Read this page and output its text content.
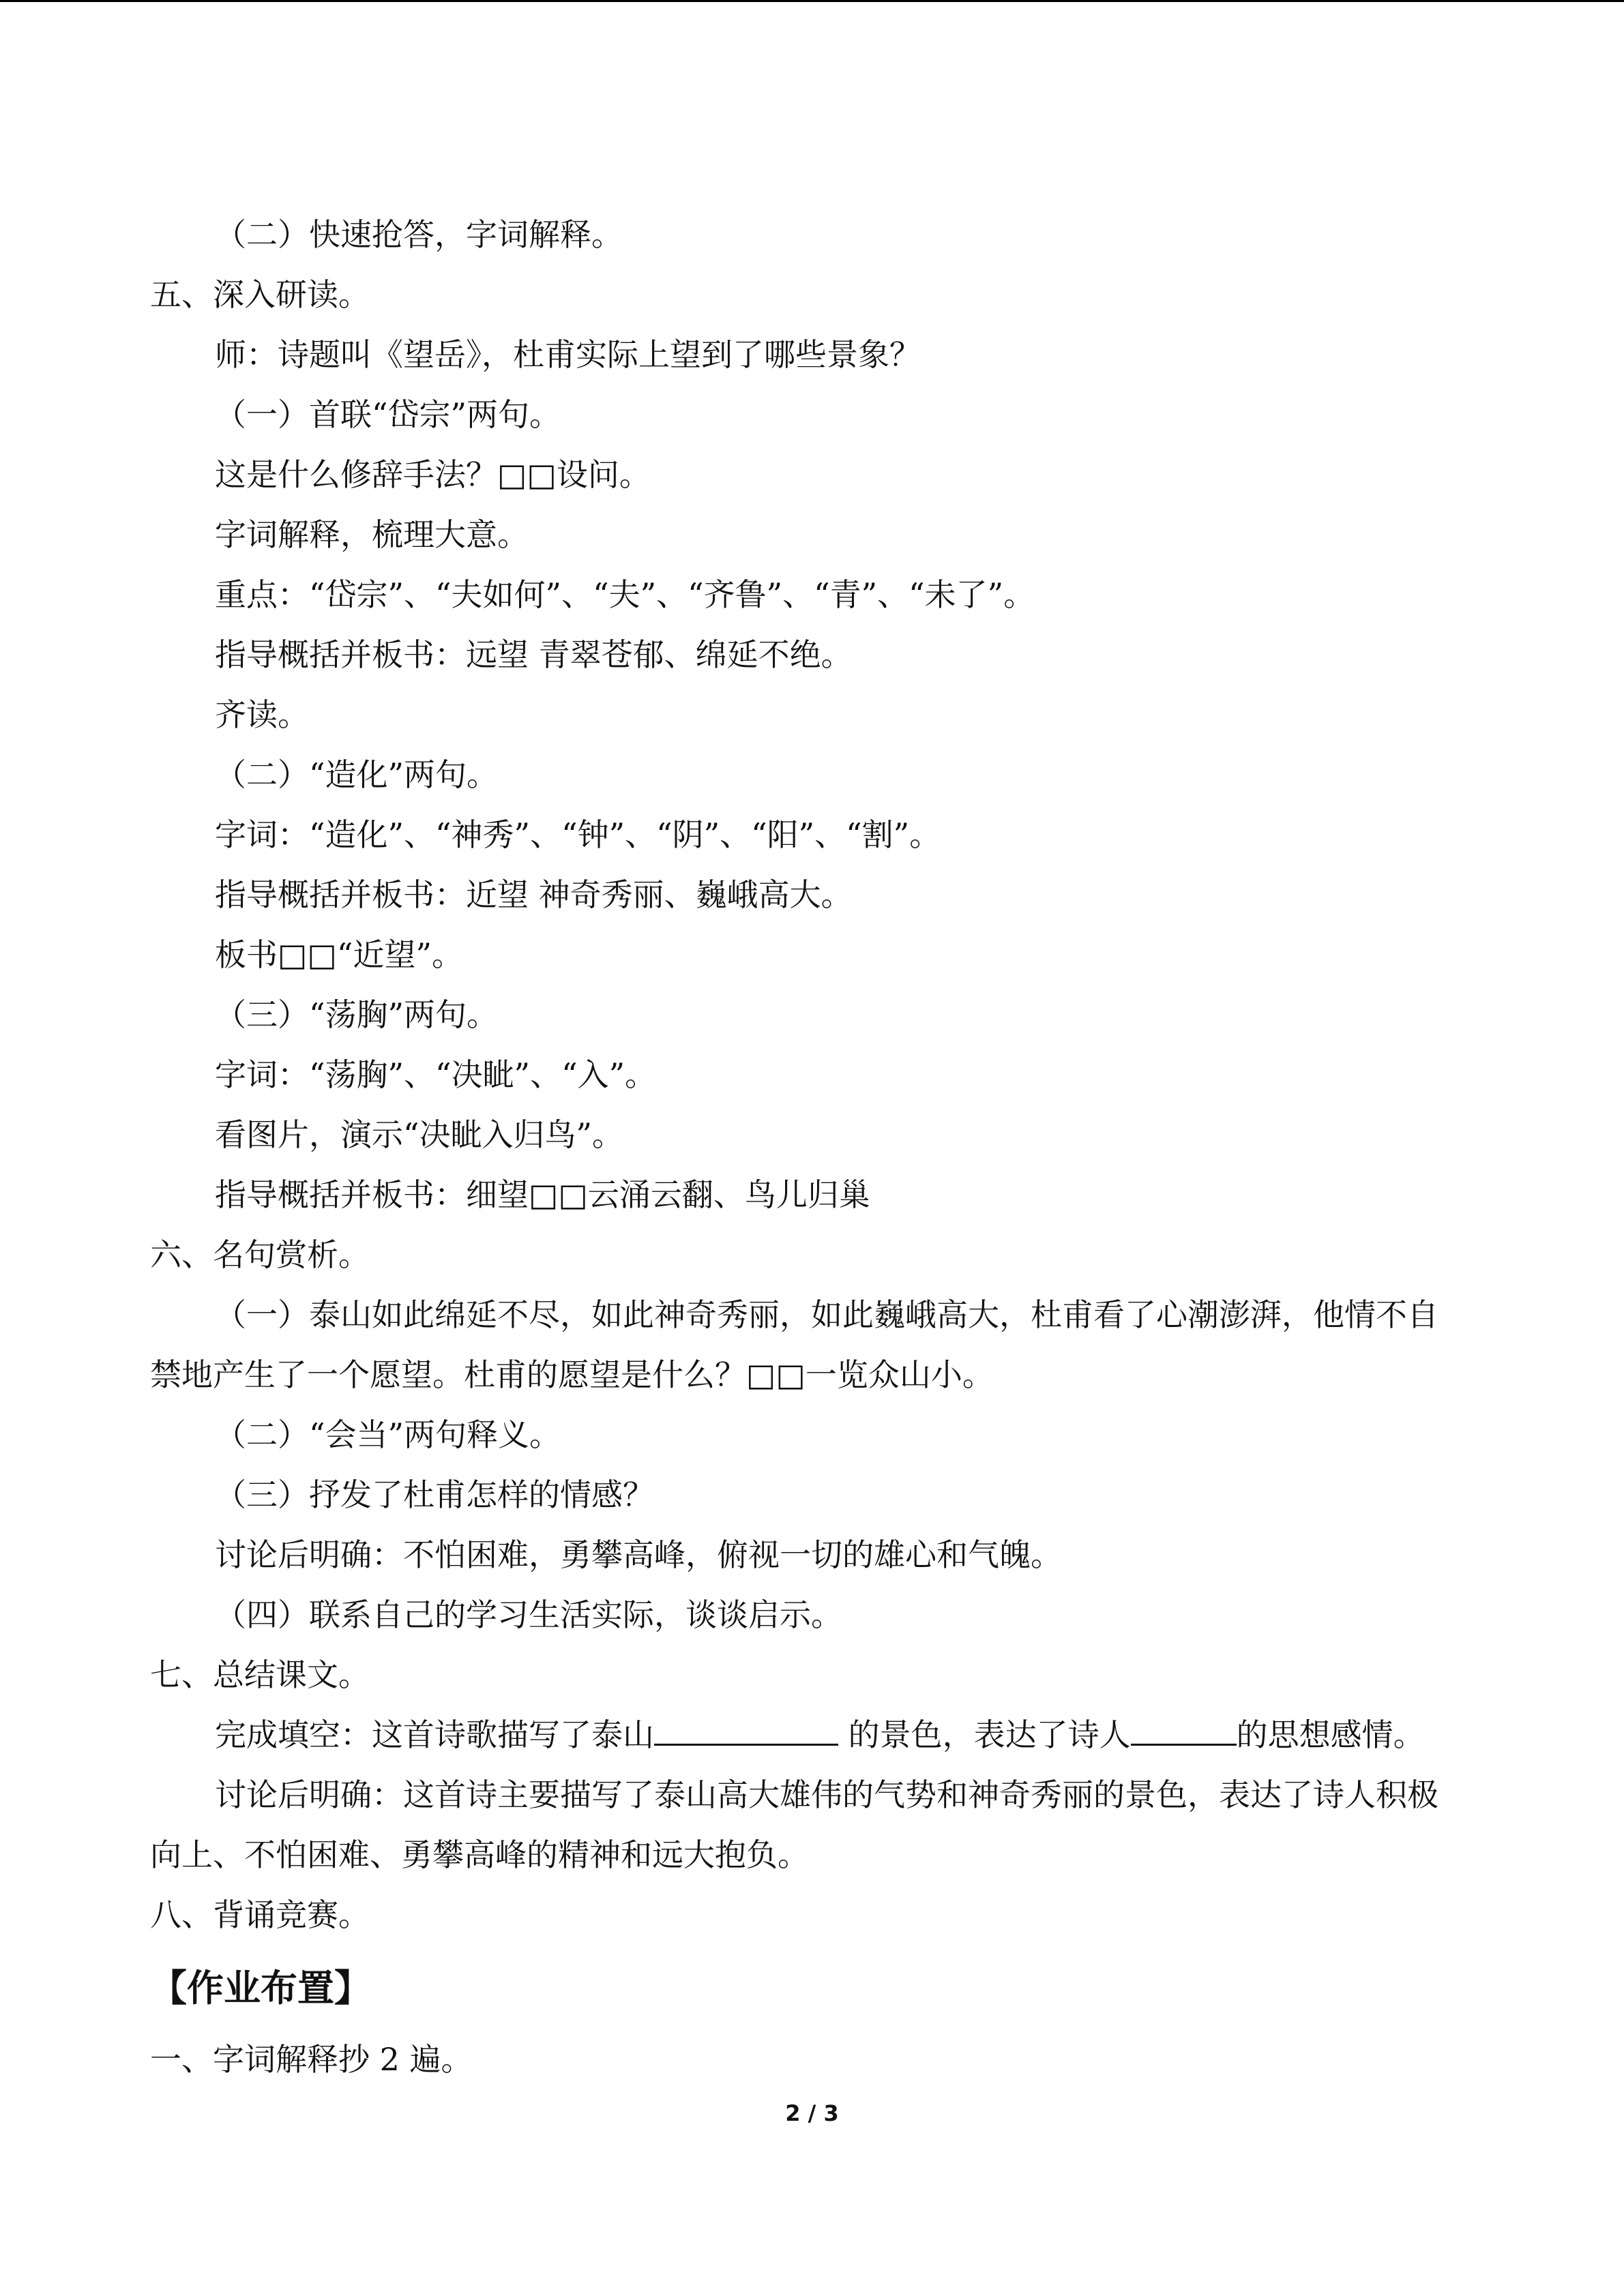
（二）快速抢答，字词解释。
五、深入研读。
师：诗题叫《望岳》，杜甫实际上望到了哪些景象？
（一）首联“岱宗”两句。
这是什么修辞手法？□□设问。
字词解释，梳理大意。
重点：“岱宗”、“夫如何”、“夫”、“齐鲁”、“青”、“未了”。
指导概括并板书：远望 青翠苍郁、绵延不绝。
齐读。
（二）“造化”两句。
字词：“造化”、“神秀”、“钟”、“阴”、“阳”、“割”。
指导概括并板书：近望 神奇秀丽、巍峨高大。
板书□□“近望”。
（三）“荡胸”两句。
字词：“荡胸”、“决眦”、“入”。
看图片，演示“决眦入归鸟”。
指导概括并板书：细望□□云涌云翻、鸟儿归巢
六、名句赏析。
（一）泰山如此绵延不尽，如此神奇秀丽，如此巍峨高大，杜甫看了心潮澎湃，他情不自禁地产生了一个愿望。杜甫的愿望是什么？□□一览众山小。
（二）“会当”两句释义。
（三）抒发了杜甫怎样的情感？
讨论后明确：不怕困难，勇攀高峰，俯视一切的雄心和气魄。
（四）联系自己的学习生活实际，谈谈启示。
七、总结课文。
完成填空：这首诗歌描写了泰山	的景色，表达了诗人	的思想感情。
讨论后明确：这首诗主要描写了泰山高大雄伟的气势和神奇秀丽的景色，表达了诗人积极向上、不怕困难、勇攀高峰的精神和远大抱负。
八、背诵竞赛。
【作业布置】
一、字词解释抄 2 遍。
2 / 3
